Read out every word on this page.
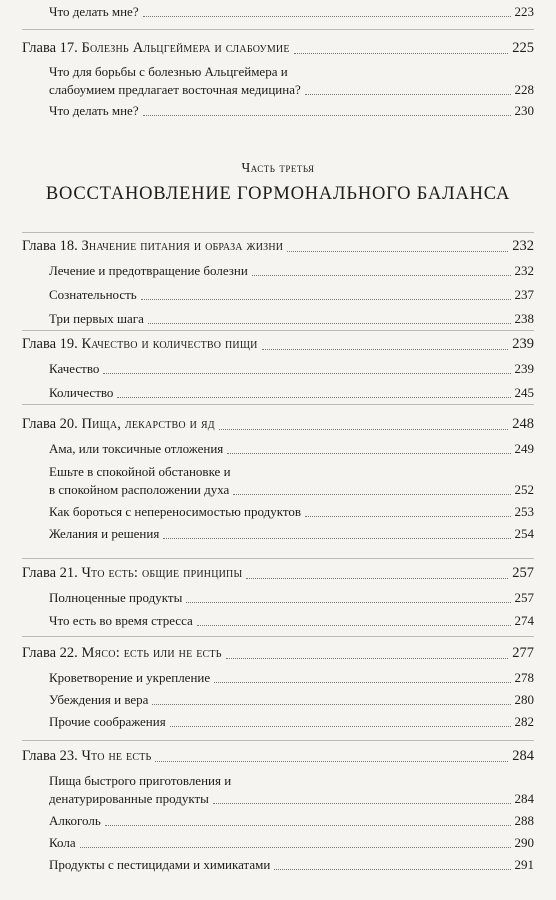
Что делать мне?	223
Глава 17. Болезнь Альцгеймера и слабоумие	225
Что для борьбы с болезнью Альцгеймера и
слабоумием предлагает восточная медицина?	228
Что делать мне?	230
Часть третья
ВОССТАНОВЛЕНИЕ ГОРМОНАЛЬНОГО БАЛАНСА
Глава 18. Значение питания и образа жизни	232
Лечение и предотвращение болезни	232
Сознательность	237
Три первых шага	238
Глава 19. Качество и количество пищи	239
Качество	239
Количество	245
Глава 20. Пища, лекарство и яд	248
Ама, или токсичные отложения	249
Ешьте в спокойной обстановке и
в спокойном расположении духа	252
Как бороться с непереносимостью продуктов	253
Желания и решения	254
Глава 21. Что есть: общие принципы	257
Полноценные продукты	257
Что есть во время стресса	274
Глава 22. Мясо: есть или не есть	277
Кроветворение и укрепление	278
Убеждения и вера	280
Прочие соображения	282
Глава 23. Что не есть	284
Пища быстрого приготовления и
денатурированные продукты	284
Алкоголь	288
Кола	290
Продукты с пестицидами и химикатами	291
